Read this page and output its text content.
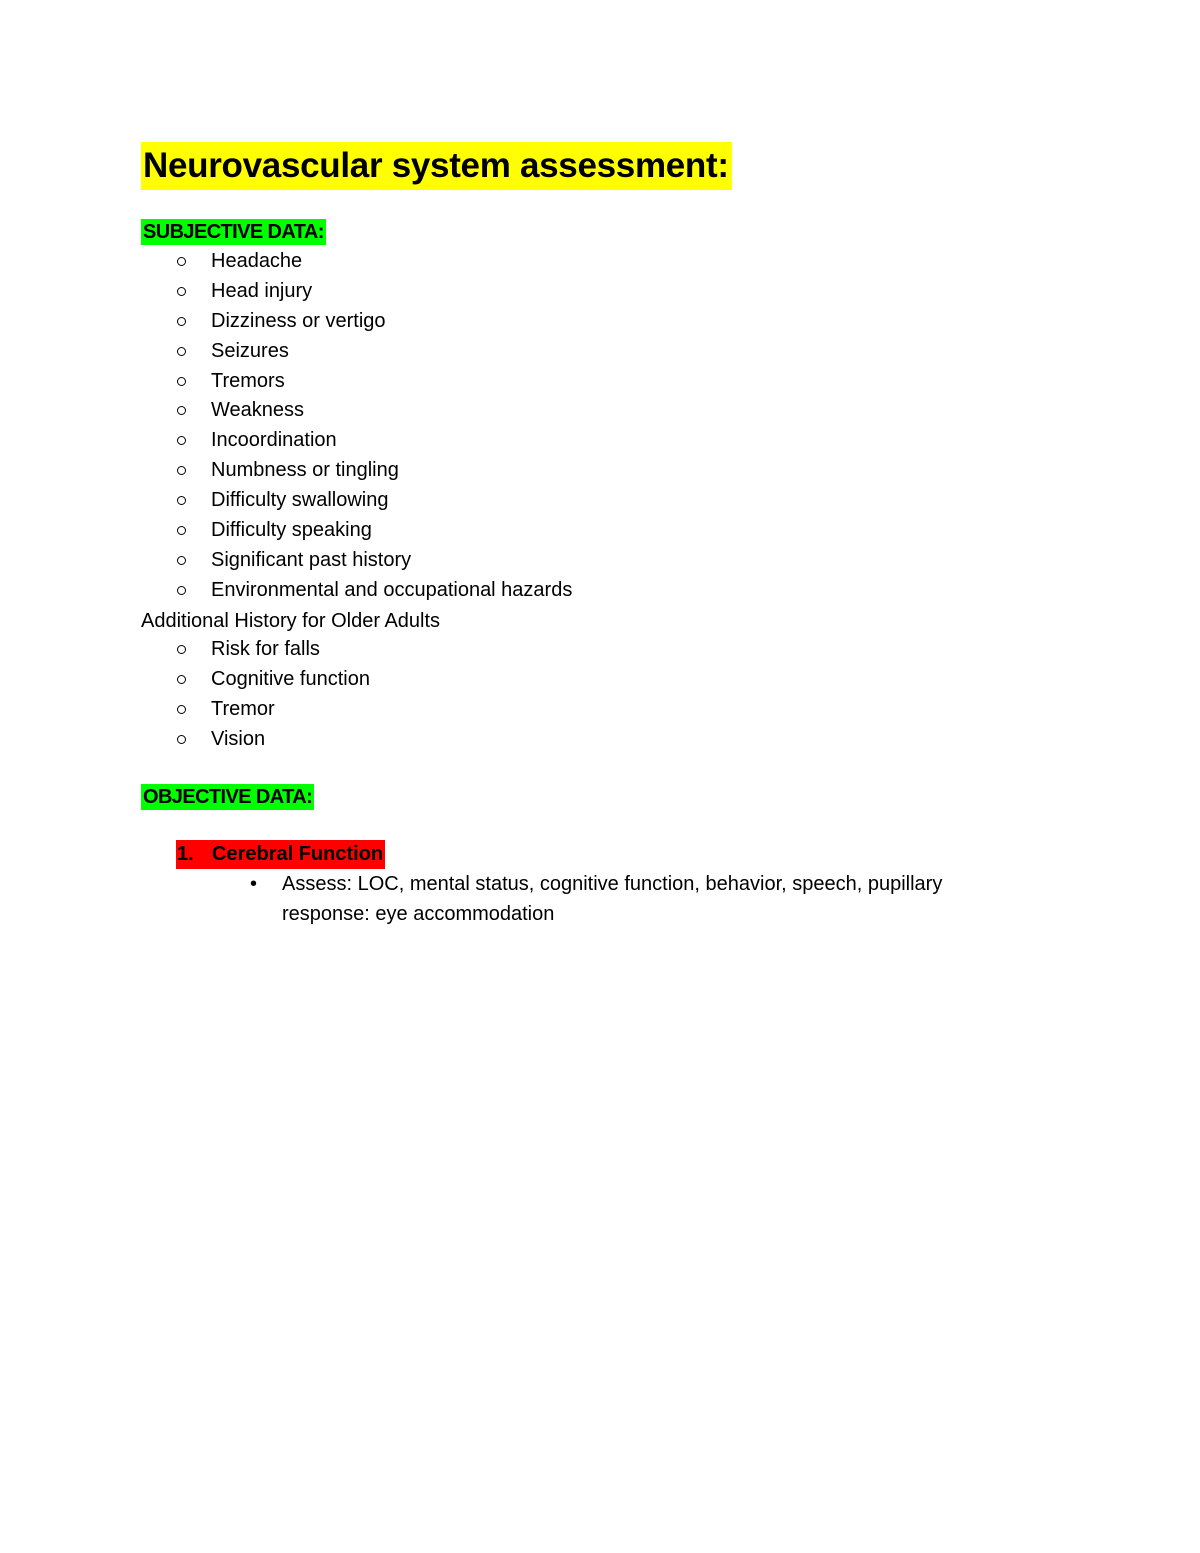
Neurovascular system assessment:
SUBJECTIVE DATA:
Headache
Head injury
Dizziness or vertigo
Seizures
Tremors
Weakness
Incoordination
Numbness or tingling
Difficulty swallowing
Difficulty speaking
Significant past history
Environmental and occupational hazards
Additional History for Older Adults
Risk for falls
Cognitive function
Tremor
Vision
OBJECTIVE DATA:
1. Cerebral Function
• Assess: LOC, mental status, cognitive function, behavior, speech, pupillary response: eye accommodation
